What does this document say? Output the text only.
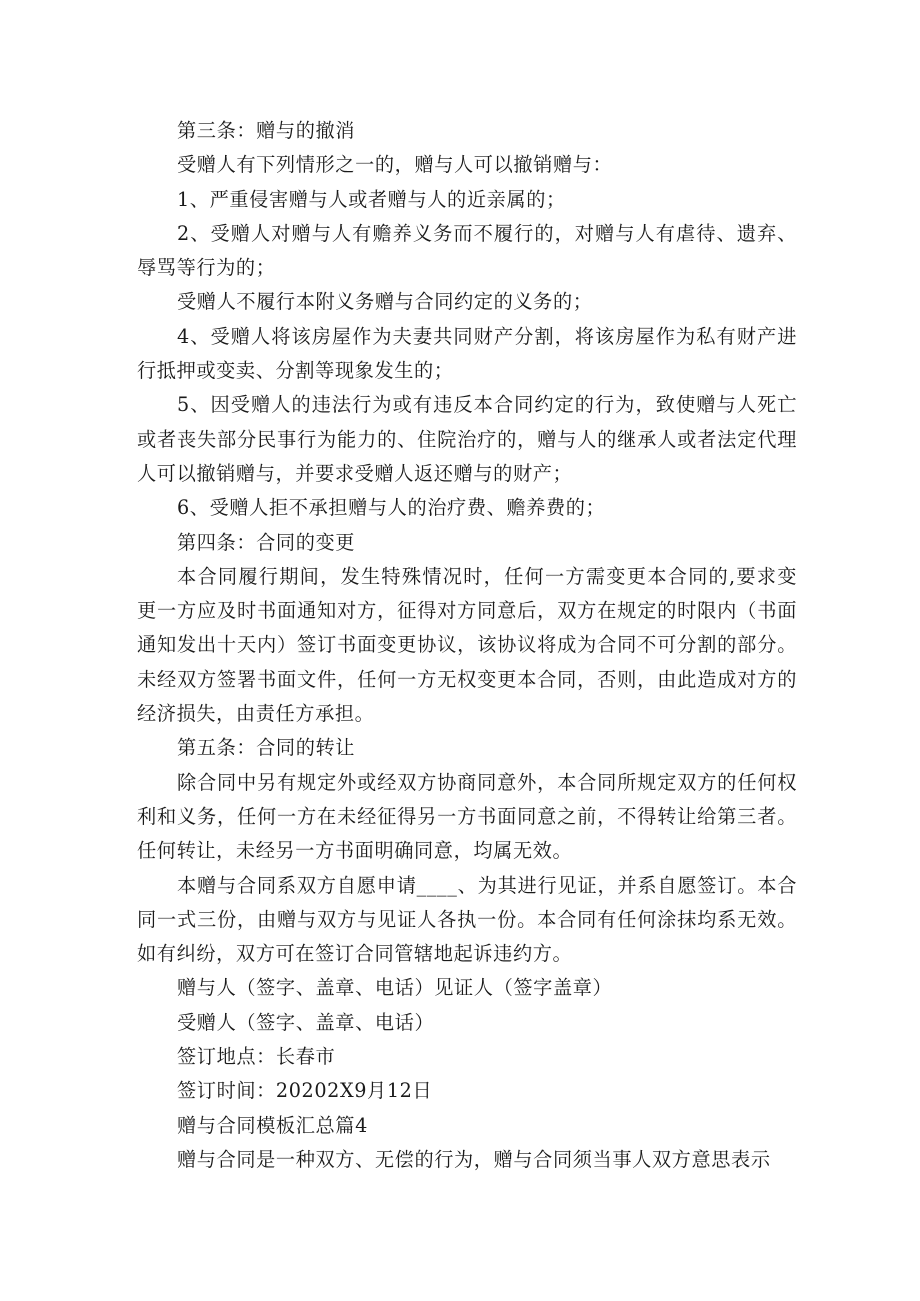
第三条：赠与的撤消

受赠人有下列情形之一的，赠与人可以撤销赠与：

1、严重侵害赠与人或者赠与人的近亲属的；

2、受赠人对赠与人有赡养义务而不履行的，对赠与人有虐待、遗弃、辱骂等行为的；

受赠人不履行本附义务赠与合同约定的义务的；

4、受赠人将该房屋作为夫妻共同财产分割，将该房屋作为私有财产进行抵押或变卖、分割等现象发生的；

5、因受赠人的违法行为或有违反本合同约定的行为，致使赠与人死亡或者丧失部分民事行为能力的、住院治疗的，赠与人的继承人或者法定代理人可以撤销赠与，并要求受赠人返还赠与的财产；

6、受赠人拒不承担赠与人的治疗费、赡养费的；

第四条：合同的变更

本合同履行期间，发生特殊情况时，任何一方需变更本合同的,要求变更一方应及时书面通知对方，征得对方同意后，双方在规定的时限内（书面通知发出十天内）签订书面变更协议，该协议将成为合同不可分割的部分。未经双方签署书面文件，任何一方无权变更本合同，否则，由此造成对方的经济损失，由责任方承担。

第五条：合同的转让

除合同中另有规定外或经双方协商同意外，本合同所规定双方的任何权利和义务，任何一方在未经征得另一方书面同意之前，不得转让给第三者。任何转让，未经另一方书面明确同意，均属无效。

本赠与合同系双方自愿申请____、为其进行见证，并系自愿签订。本合同一式三份，由赠与双方与见证人各执一份。本合同有任何涂抹均系无效。如有纠纷，双方可在签订合同管辖地起诉违约方。

赠与人（签字、盖章、电话）见证人（签字盖章）

受赠人（签字、盖章、电话）

签订地点：长春市

签订时间：20202X9月12日

赠与合同模板汇总篇4

赠与合同是一种双方、无偿的行为，赠与合同须当事人双方意思表示
